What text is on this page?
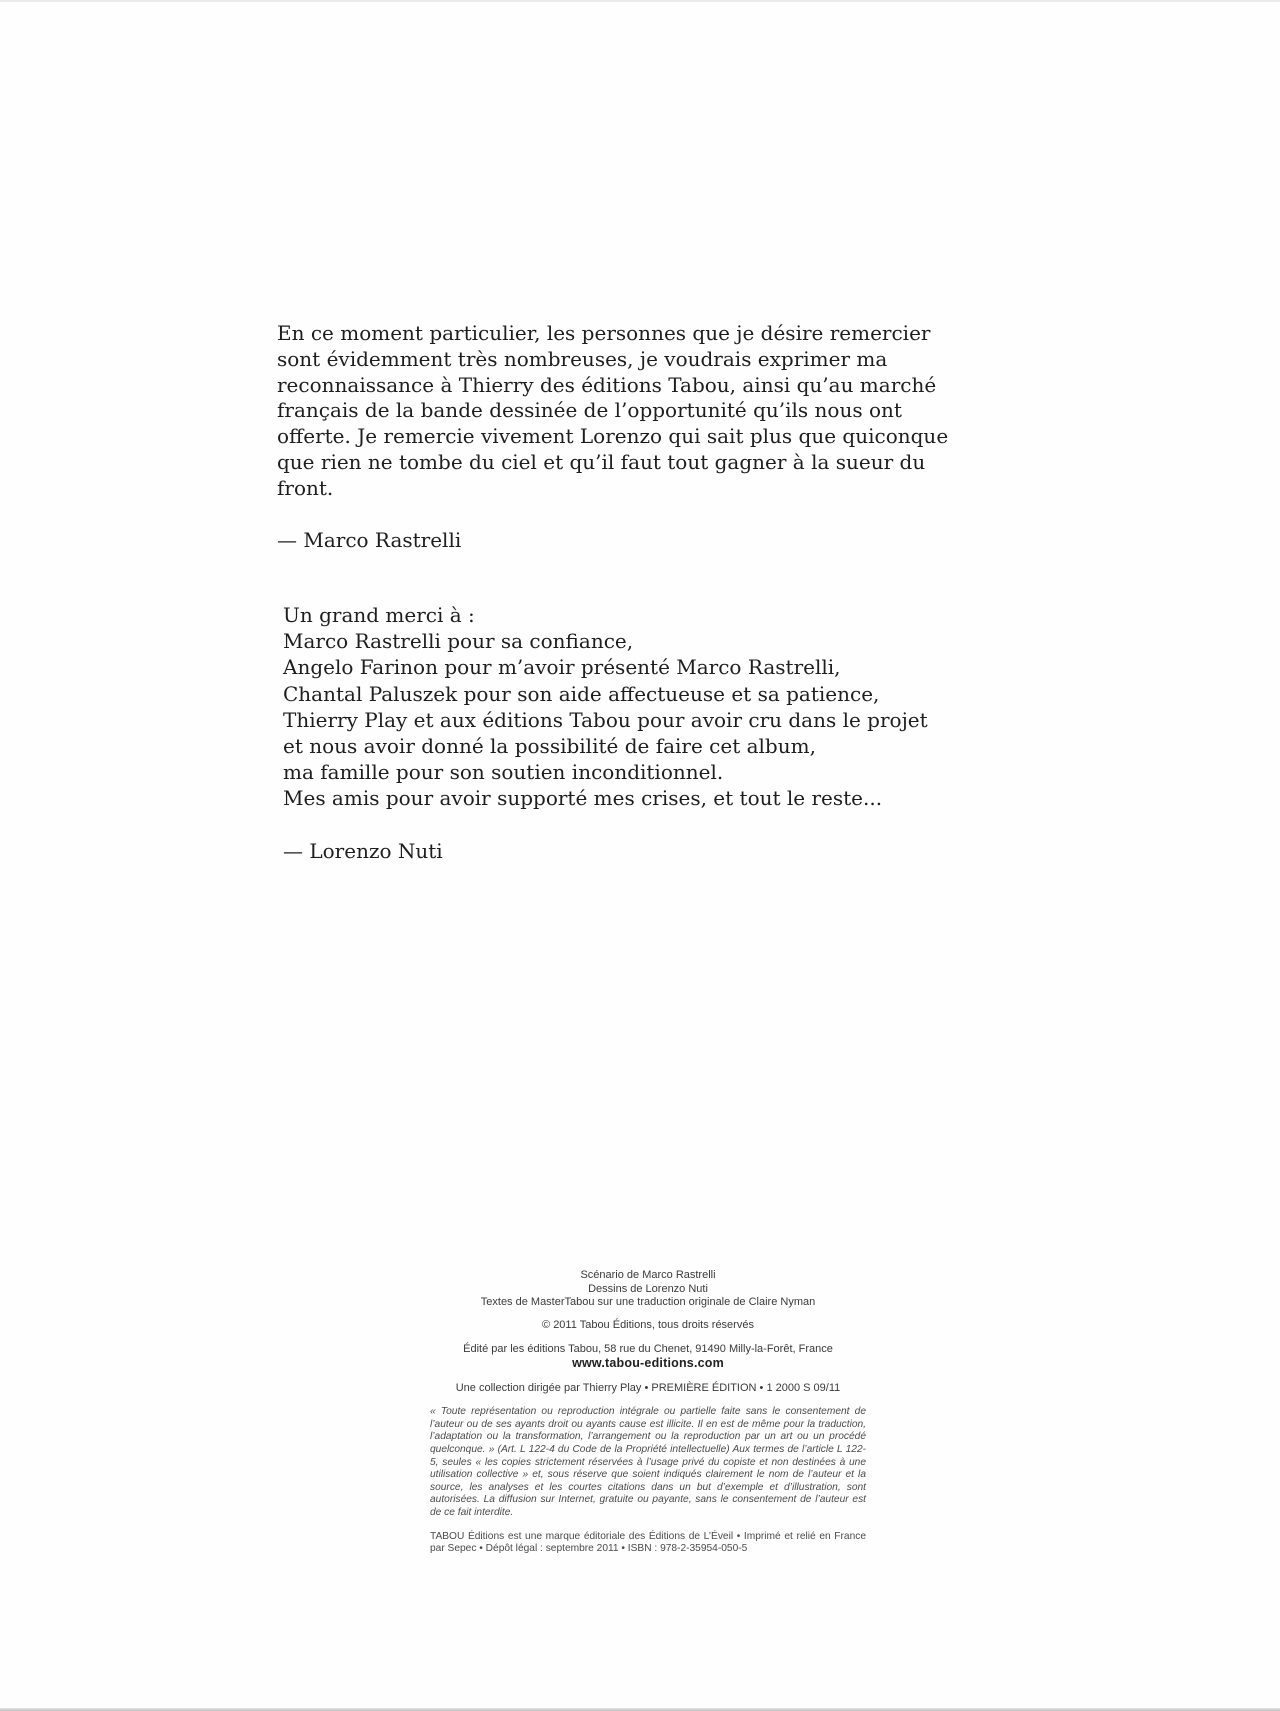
En ce moment particulier, les personnes que je désire remercier
sont évidemment très nombreuses, je voudrais exprimer ma
reconnaissance à Thierry des éditions Tabou, ainsi qu’au marché
français de la bande dessinée de l’opportunité qu’ils nous ont
offerte. Je remercie vivement Lorenzo qui sait plus que quiconque
que rien ne tombe du ciel et qu’il faut tout gagner à la sueur du
front.
— Marco Rastrelli
Un grand merci à :
Marco Rastrelli pour sa confiance,
Angelo Farinon pour m’avoir présenté Marco Rastrelli,
Chantal Paluszek pour son aide affectueuse et sa patience,
Thierry Play et aux éditions Tabou pour avoir cru dans le projet
et nous avoir donné la possibilité de faire cet album,
ma famille pour son soutien inconditionnel.
Mes amis pour avoir supporté mes crises, et tout le reste...
— Lorenzo Nuti
Scénario de Marco Rastrelli
Dessins de Lorenzo Nuti
Textes de MasterTabou sur une traduction originale de Claire Nyman
© 2011 Tabou Éditions, tous droits réservés
Édité par les éditions Tabou, 58 rue du Chenet, 91490 Milly-la-Forêt, France
www.tabou-editions.com
Une collection dirigée par Thierry Play • PREMIÈRE ÉDITION • 1 2000 S 09/11
« Toute représentation ou reproduction intégrale ou partielle faite sans le consentement de l’auteur ou de ses ayants droit ou ayants cause est illicite. Il en est de même pour la traduction, l’adaptation ou la transformation, l’arrangement ou la reproduction par un art ou un procédé quelconque. » (Art. L 122-4 du Code de la Propriété intellectuelle) Aux termes de l’article L 122-5, seules « les copies strictement réservées à l’usage privé du copiste et non destinées à une utilisation collective » et, sous réserve que soient indiqués clairement le nom de l’auteur et la source, les analyses et les courtes citations dans un but d’exemple et d’illustration, sont autorisées. La diffusion sur Internet, gratuite ou payante, sans le consentement de l’auteur est de ce fait interdite.
TABOU Éditions est une marque éditoriale des Éditions de L’Éveil • Imprimé et relié en France par Sepec • Dépôt légal : septembre 2011 • ISBN : 978-2-35954-050-5
